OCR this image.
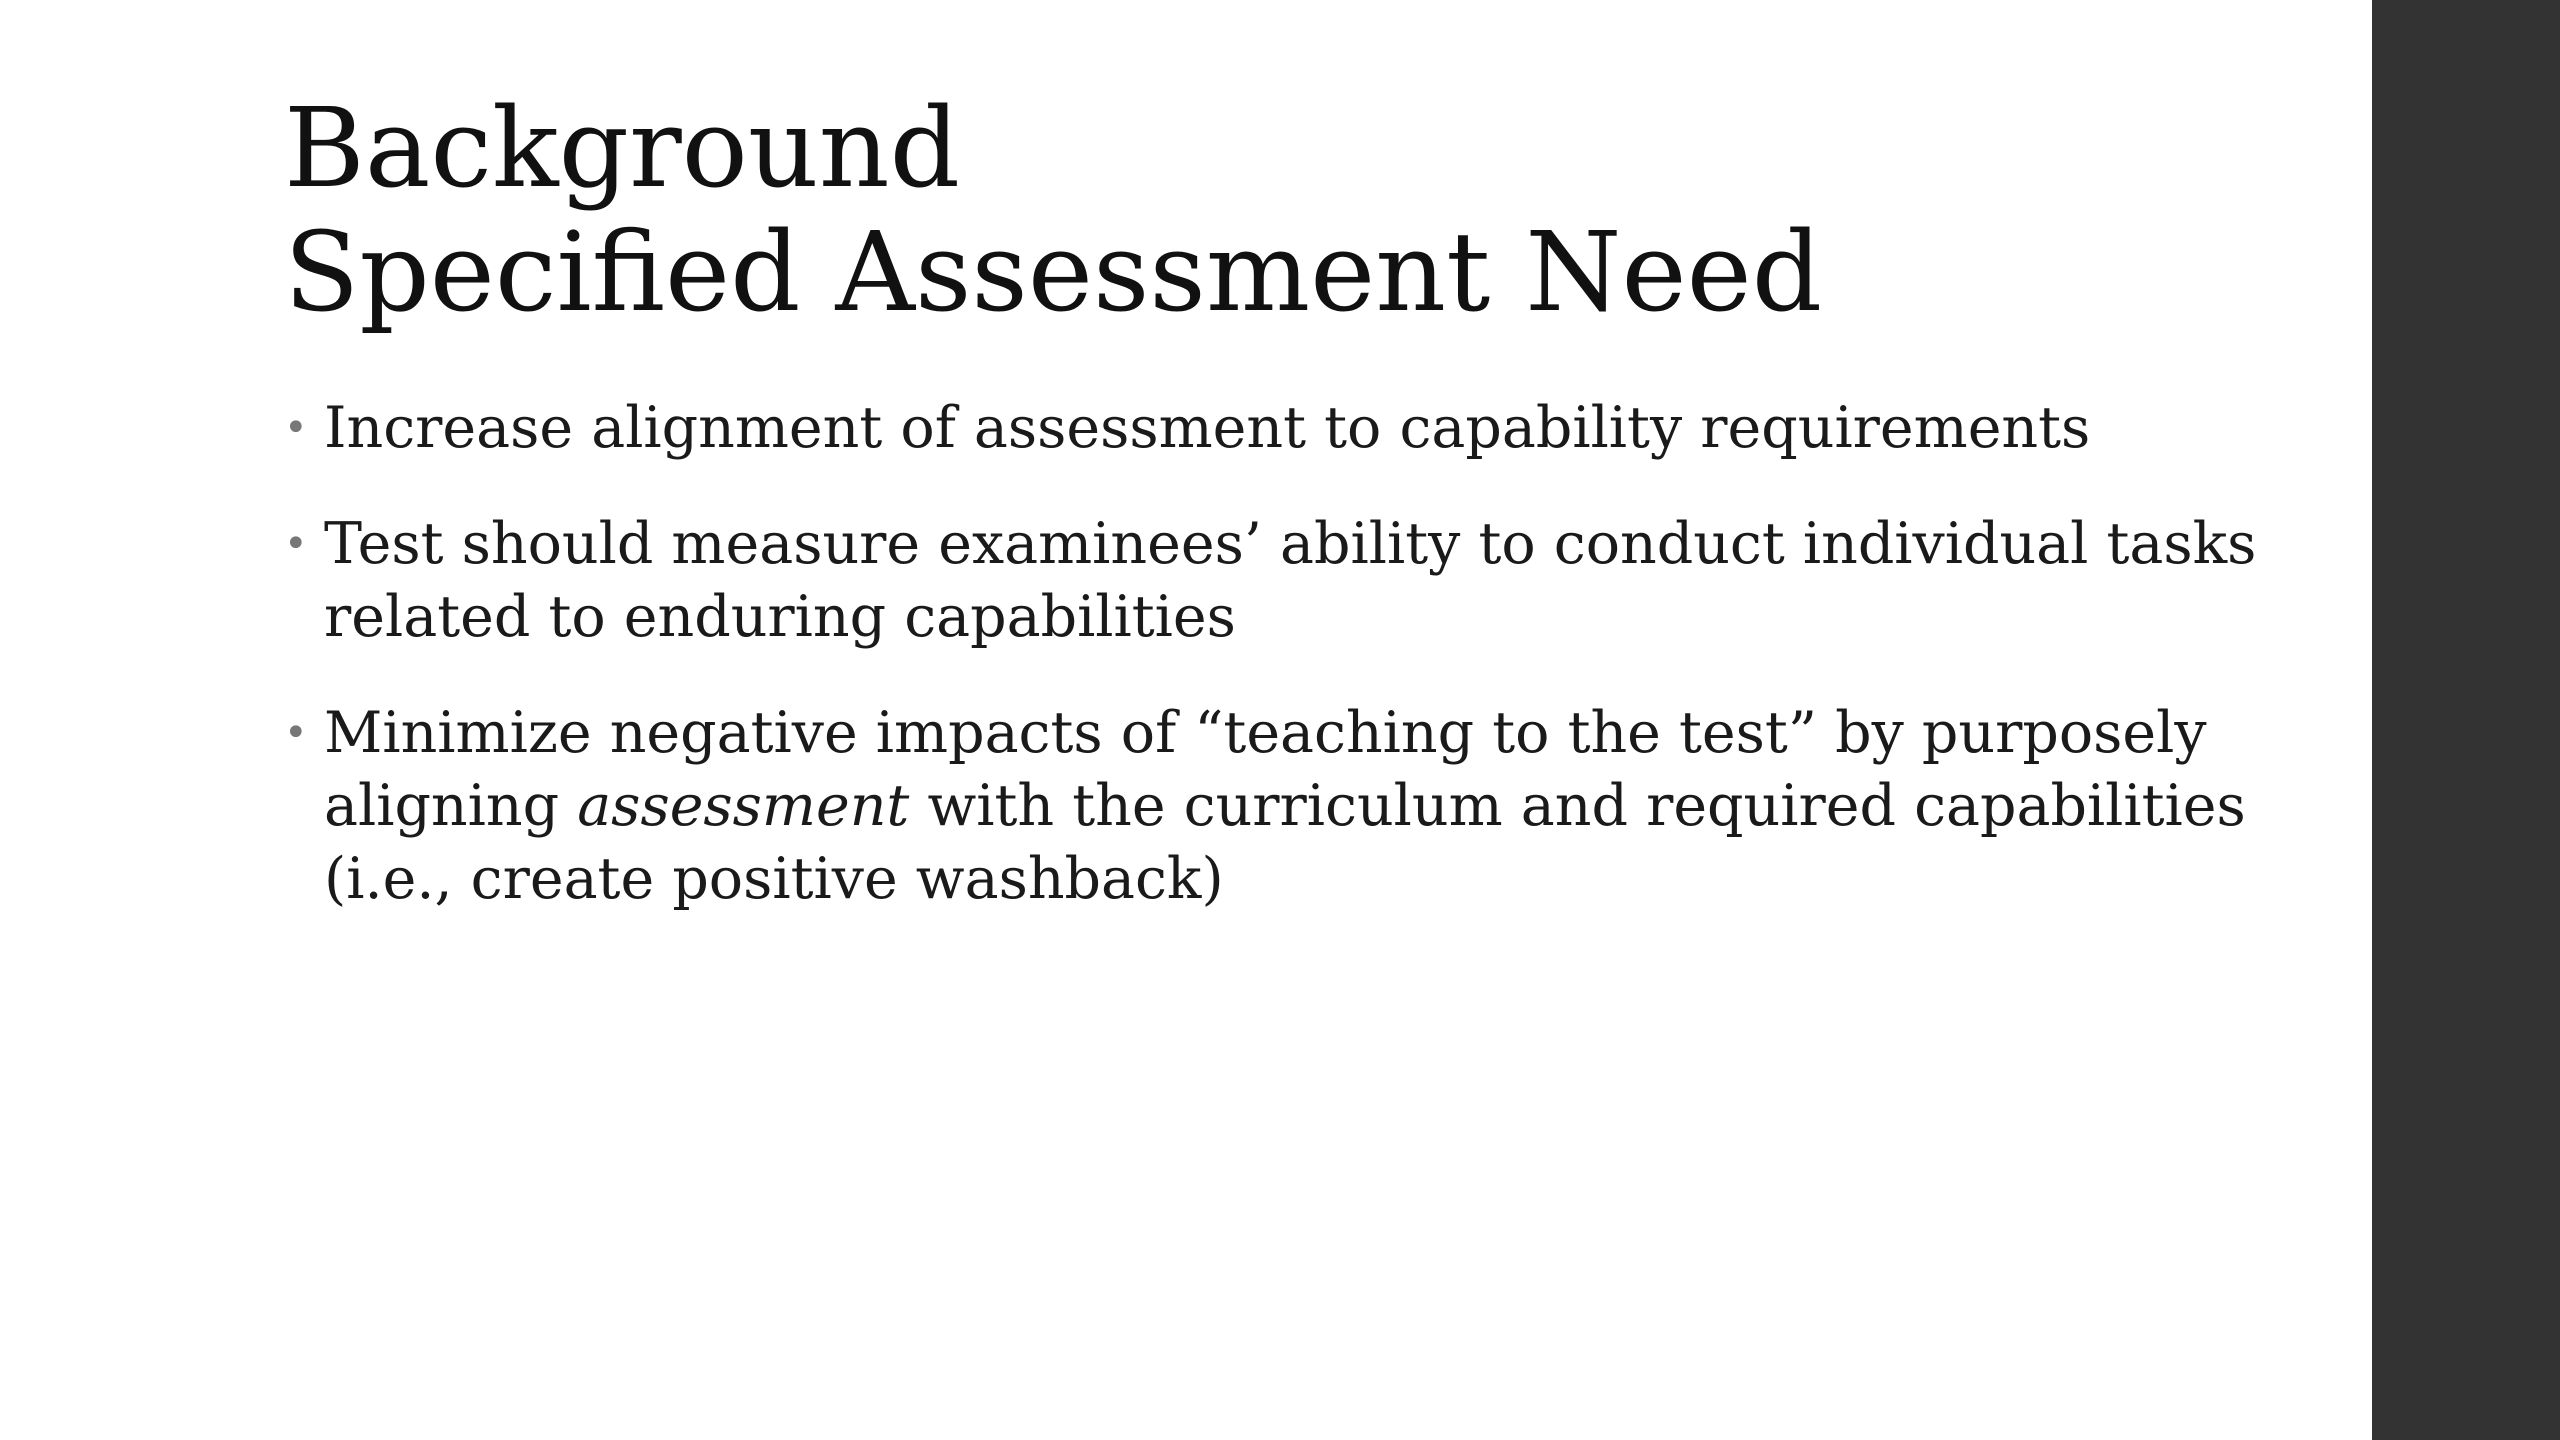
Background
Specified Assessment Need
• Increase alignment of assessment to capability requirements
• Test should measure examinees’ ability to conduct individual tasks related to enduring capabilities
• Minimize negative impacts of “teaching to the test” by purposely aligning assessment with the curriculum and required capabilities (i.e., create positive washback)
